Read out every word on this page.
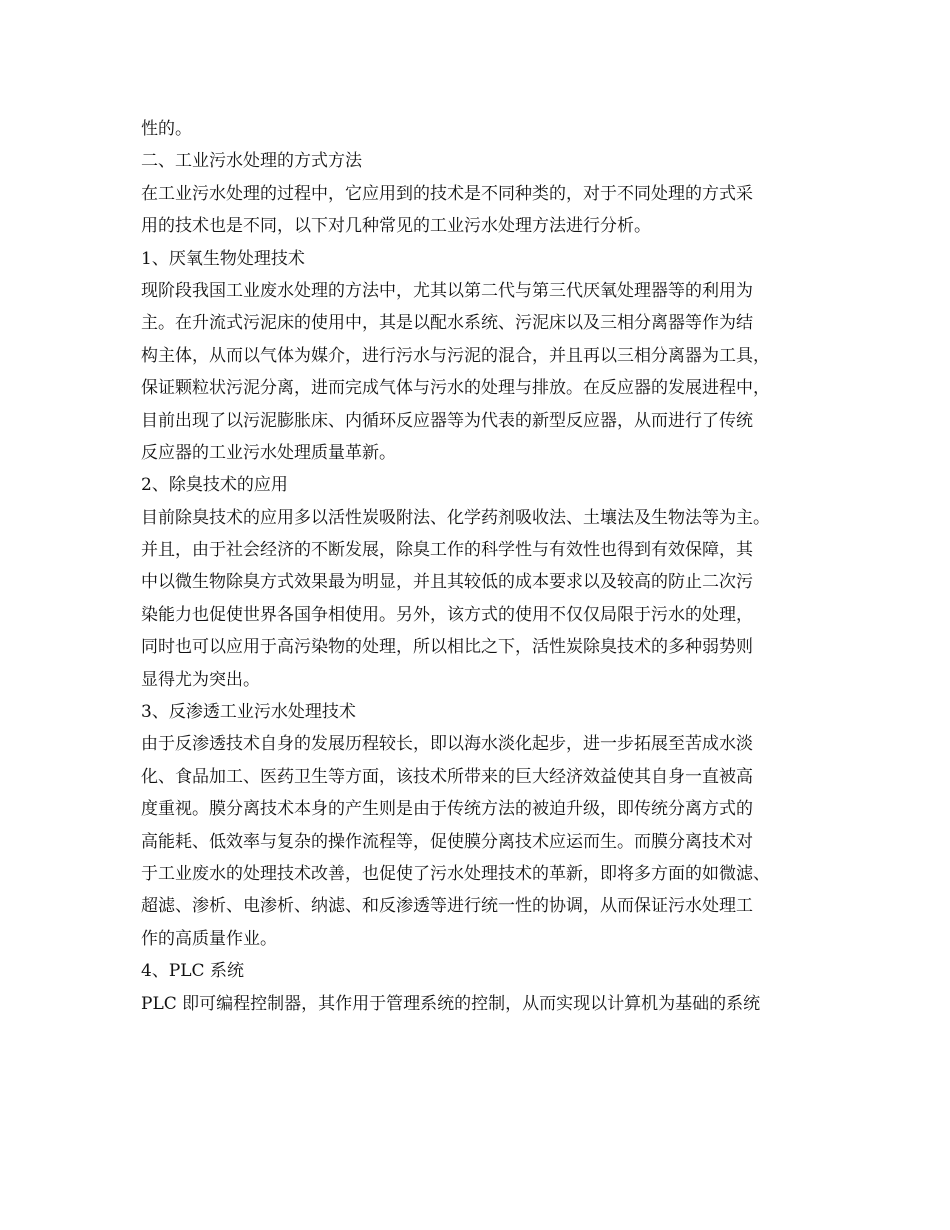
性的。
二、工业污水处理的方式方法
在工业污水处理的过程中，它应用到的技术是不同种类的，对于不同处理的方式采
用的技术也是不同，以下对几种常见的工业污水处理方法进行分析。
1、厌氧生物处理技术
现阶段我国工业废水处理的方法中，尤其以第二代与第三代厌氧处理器等的利用为
主。在升流式污泥床的使用中，其是以配水系统、污泥床以及三相分离器等作为结
构主体，从而以气体为媒介，进行污水与污泥的混合，并且再以三相分离器为工具，
保证颗粒状污泥分离，进而完成气体与污水的处理与排放。在反应器的发展进程中，
目前出现了以污泥膨胀床、内循环反应器等为代表的新型反应器，从而进行了传统
反应器的工业污水处理质量革新。
2、除臭技术的应用
目前除臭技术的应用多以活性炭吸附法、化学药剂吸收法、土壤法及生物法等为主。
并且，由于社会经济的不断发展，除臭工作的科学性与有效性也得到有效保障，其
中以微生物除臭方式效果最为明显，并且其较低的成本要求以及较高的防止二次污
染能力也促使世界各国争相使用。另外，该方式的使用不仅仅局限于污水的处理，
同时也可以应用于高污染物的处理，所以相比之下，活性炭除臭技术的多种弱势则
显得尤为突出。
3、反渗透工业污水处理技术
由于反渗透技术自身的发展历程较长，即以海水淡化起步，进一步拓展至苦成水淡
化、食品加工、医药卫生等方面，该技术所带来的巨大经济效益使其自身一直被高
度重视。膜分离技术本身的产生则是由于传统方法的被迫升级，即传统分离方式的
高能耗、低效率与复杂的操作流程等，促使膜分离技术应运而生。而膜分离技术对
于工业废水的处理技术改善，也促使了污水处理技术的革新，即将多方面的如微滤、
超滤、渗析、电渗析、纳滤、和反渗透等进行统一性的协调，从而保证污水处理工
作的高质量作业。
4、PLC 系统
PLC 即可编程控制器，其作用于管理系统的控制，从而实现以计算机为基础的系统
